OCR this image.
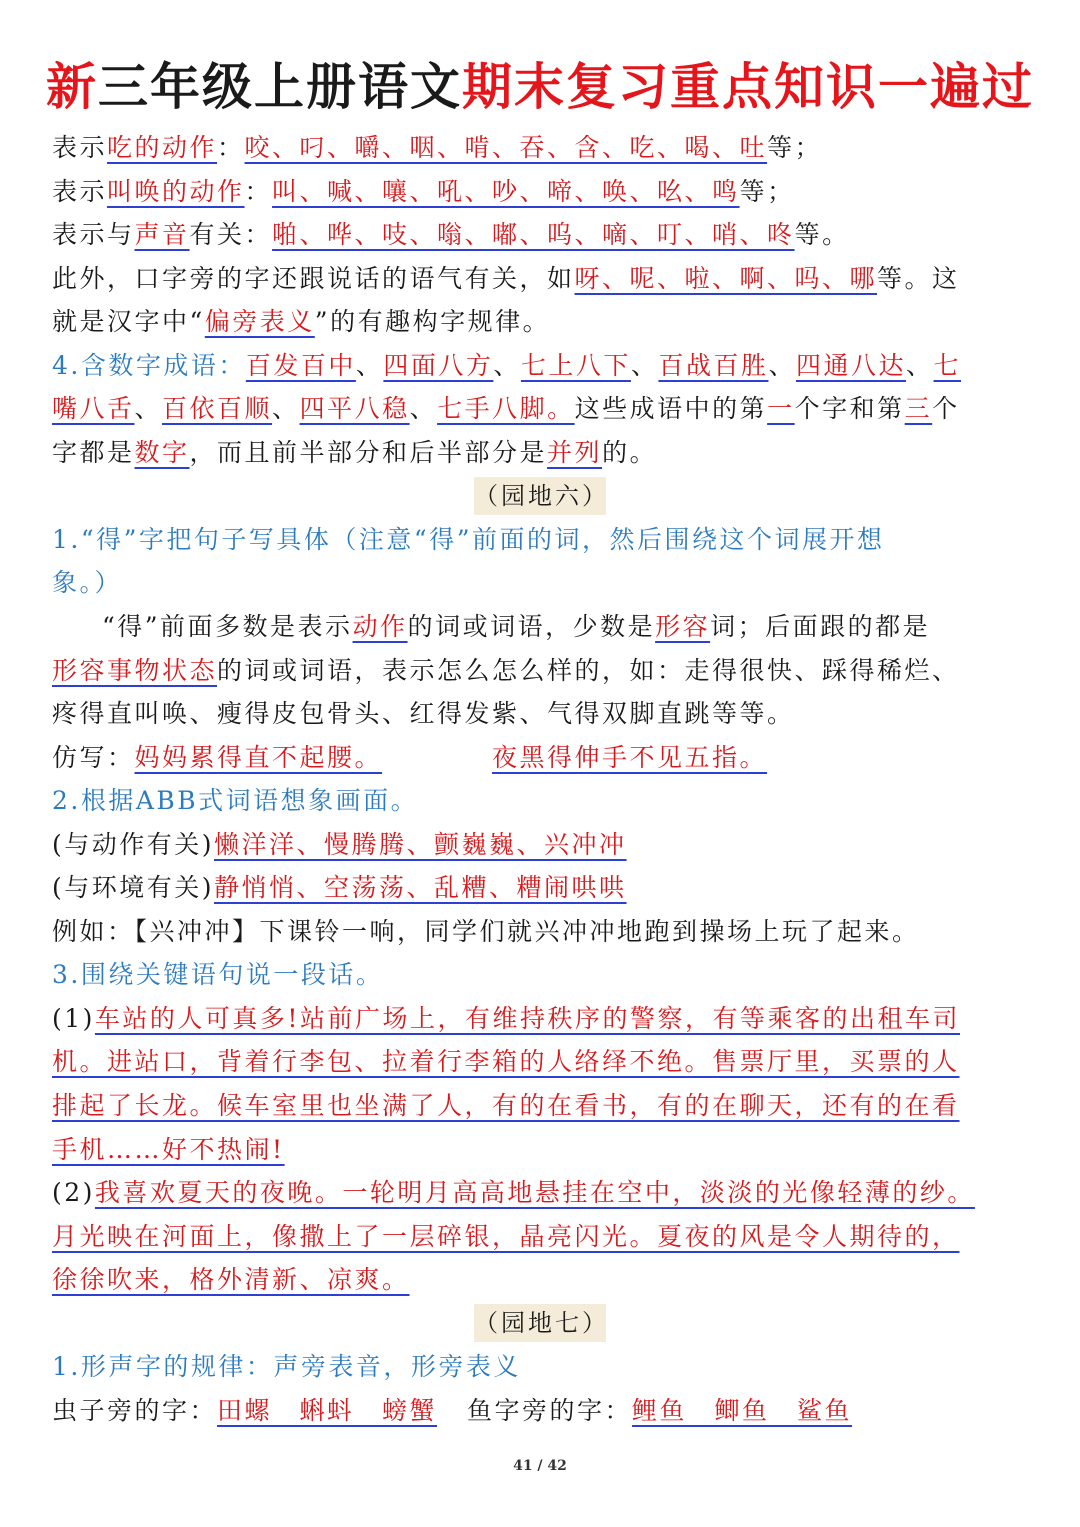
新三年级上册语文期末复习重点知识一遍过
表示吃的动作：咬、叼、嚼、咽、啃、吞、含、吃、喝、吐等；
表示叫唤的动作：叫、喊、嚷、吼、吵、啼、唤、吆、鸣等；
表示与声音有关：啪、哗、吱、嗡、嘟、呜、嘀、叮、哨、咚等。
此外，口字旁的字还跟说话的语气有关，如呀、呢、啦、啊、吗、哪等。这
就是汉字中“偏旁表义”的有趣构字规律。
4.含数字成语：百发百中、四面八方、七上八下、百战百胜、四通八达、七
嘴八舌、百依百顺、四平八稳、七手八脚。这些成语中的第一个字和第三个
字都是数字，而且前半部分和后半部分是并列的。
（园地六）
1.“得”字把句子写具体（注意“得”前面的词，然后围绕这个词展开想
象。）
“得”前面多数是表示动作的词或词语，少数是形容词；后面跟的都是
形容事物状态的词或词语，表示怎么怎么样的，如：走得很快、踩得稀烂、
疼得直叫唤、瘦得皮包骨头、红得发紫、气得双脚直跳等等。
仿写：妈妈累得直不起腰。	夜黑得伸手不见五指。
2.根据ABB式词语想象画面。
(与动作有关)懒洋洋、慢腾腾、颤巍巍、兴冲冲
(与环境有关)静悄悄、空荡荡、乱糟、糟闹哄哄
例如：【兴冲冲】下课铃一响，同学们就兴冲冲地跑到操场上玩了起来。
3.围绕关键语句说一段话。
(1)车站的人可真多!站前广场上，有维持秩序的警察，有等乘客的出租车司
机。进站口，背着行李包、拉着行李箱的人络绎不绝。售票厅里，买票的人
排起了长龙。候车室里也坐满了人，有的在看书，有的在聊天，还有的在看
手机……好不热闹!
(2)我喜欢夏天的夜晚。一轮明月高高地悬挂在空中，淡淡的光像轻薄的纱。
月光映在河面上，像撒上了一层碎银，晶亮闪光。夏夜的风是令人期待的，
徐徐吹来，格外清新、凉爽。
（园地七）
1.形声字的规律：声旁表音，形旁表义
虫子旁的字：田螺　蝌蚪　螃蟹 鱼字旁的字：鲤鱼　鲫鱼　鲨鱼
41 / 42
